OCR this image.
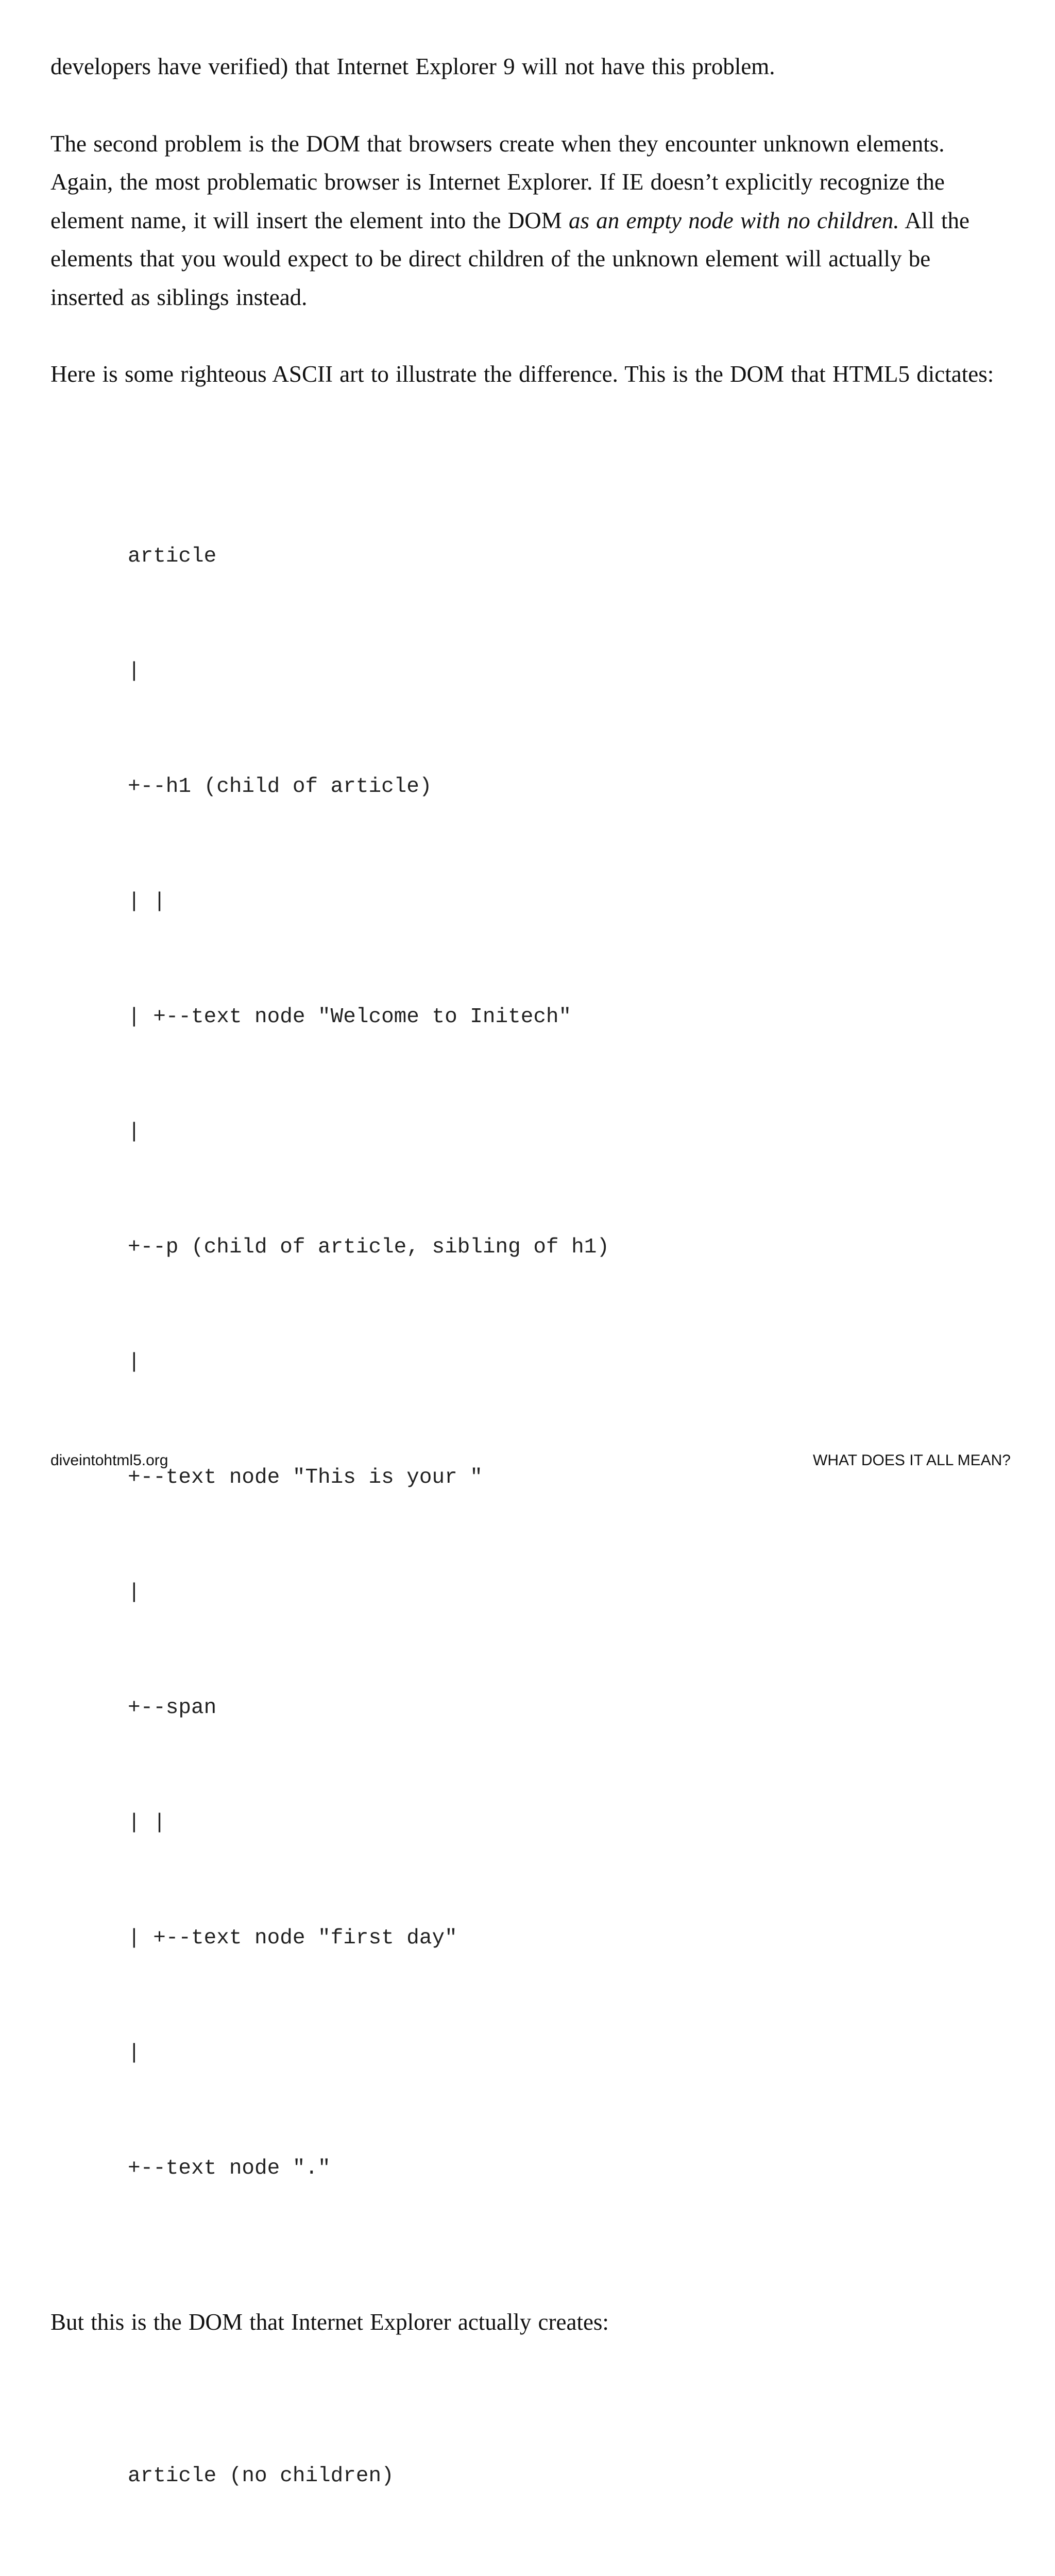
developers have verified) that Internet Explorer 9 will not have this problem.

The second problem is the DOM that browsers create when they encounter unknown elements. Again, the most problematic browser is Internet Explorer. If IE doesn’t explicitly recognize the element name, it will insert the element into the DOM as an empty node with no children. All the elements that you would expect to be direct children of the unknown element will actually be inserted as siblings instead.

Here is some righteous ASCII art to illustrate the difference. This is the DOM that HTML5 dictates:

article

|

+--h1 (child of article)

| |

| +--text node "Welcome to Initech"

|

+--p (child of article, sibling of h1)

|

+--text node "This is your "

|

+--span

| |

| +--text node "first day"

|

+--text node "."

But this is the DOM that Internet Explorer actually creates:

article (no children)

diveintohtml5.org	WHAT DOES IT ALL MEAN?
